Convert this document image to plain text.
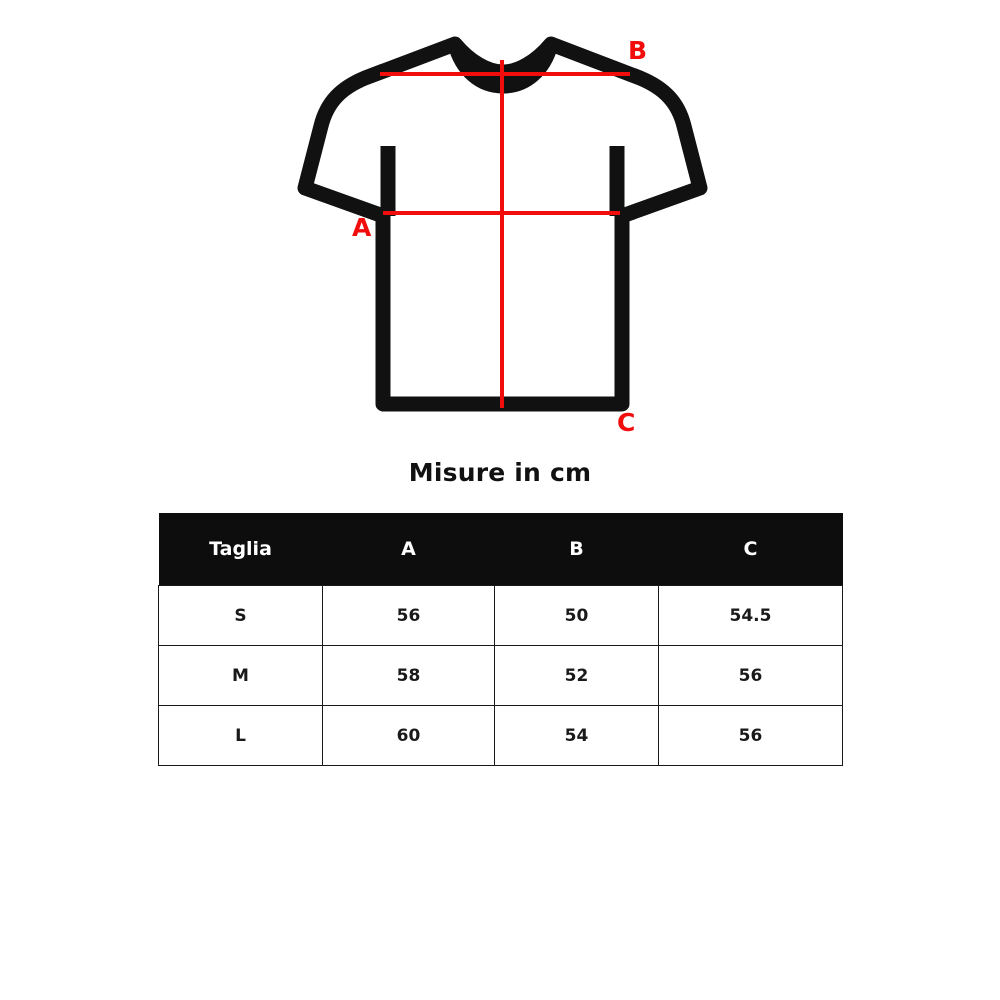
A
B
C
Misure in cm
Taglia	A	B	C
S	56	50	54.5
M	58	52	56
L	60	54	56
